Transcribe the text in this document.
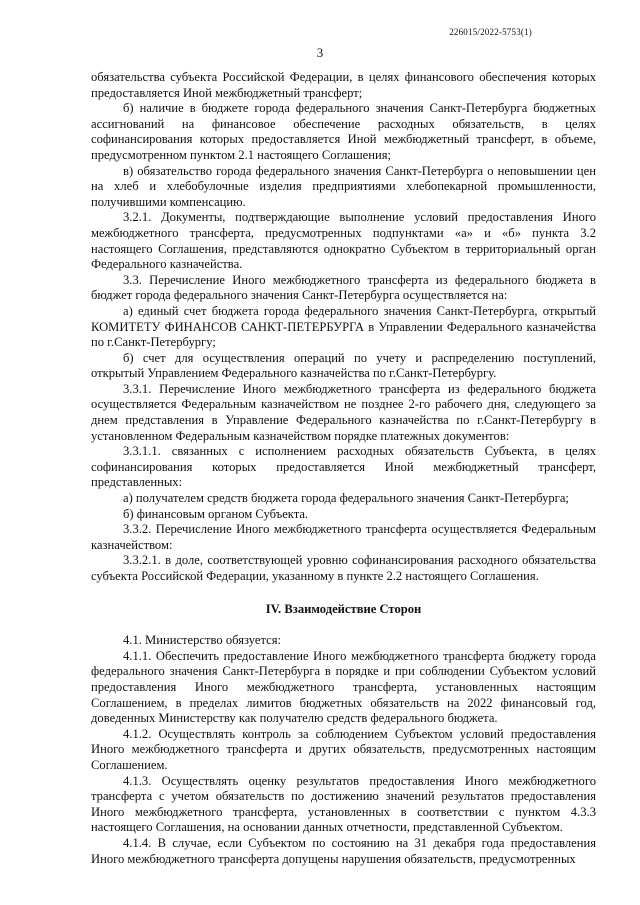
226015/2022-5753(1)
3

обязательства субъекта Российской Федерации, в целях финансового обеспечения которых предоставляется Иной межбюджетный трансферт;

б) наличие в бюджете города федерального значения Санкт-Петербурга бюджетных ассигнований на финансовое обеспечение расходных обязательств, в целях софинансирования которых предоставляется Иной межбюджетный трансферт, в объеме, предусмотренном пунктом 2.1 настоящего Соглашения;

в) обязательство города федерального значения Санкт-Петербурга о неповышении цен на хлеб и хлебобулочные изделия предприятиями хлебопекарной промышленности, получившими компенсацию.

3.2.1. Документы, подтверждающие выполнение условий предоставления Иного межбюджетного трансферта, предусмотренных подпунктами «а» и «б» пункта 3.2 настоящего Соглашения, представляются однократно Субъектом в территориальный орган Федерального казначейства.

3.3. Перечисление Иного межбюджетного трансферта из федерального бюджета в бюджет города федерального значения Санкт-Петербурга осуществляется на:

а) единый счет бюджета города федерального значения Санкт-Петербурга, открытый КОМИТЕТУ ФИНАНСОВ САНКТ-ПЕТЕРБУРГА в Управлении Федерального казначейства по г.Санкт-Петербургу;

б) счет для осуществления операций по учету и распределению поступлений, открытый Управлением Федерального казначейства по г.Санкт-Петербургу.

3.3.1. Перечисление Иного межбюджетного трансферта из федерального бюджета осуществляется Федеральным казначейством не позднее 2-го рабочего дня, следующего за днем представления в Управление Федерального казначейства по г.Санкт-Петербургу в установленном Федеральным казначейством порядке платежных документов:

3.3.1.1. связанных с исполнением расходных обязательств Субъекта, в целях софинансирования которых предоставляется Иной межбюджетный трансферт, представленных:

а) получателем средств бюджета города федерального значения Санкт-Петербурга;

б) финансовым органом Субъекта.

3.3.2. Перечисление Иного межбюджетного трансферта осуществляется Федеральным казначейством:

3.3.2.1. в доле, соответствующей уровню софинансирования расходного обязательства субъекта Российской Федерации, указанному в пункте 2.2 настоящего Соглашения.

IV. Взаимодействие Сторон

4.1. Министерство обязуется:

4.1.1. Обеспечить предоставление Иного межбюджетного трансферта бюджету города федерального значения Санкт-Петербурга в порядке и при соблюдении Субъектом условий предоставления Иного межбюджетного трансферта, установленных настоящим Соглашением, в пределах лимитов бюджетных обязательств на 2022 финансовый год, доведенных Министерству как получателю средств федерального бюджета.

4.1.2. Осуществлять контроль за соблюдением Субъектом условий предоставления Иного межбюджетного трансферта и других обязательств, предусмотренных настоящим Соглашением.

4.1.3. Осуществлять оценку результатов предоставления Иного межбюджетного трансферта с учетом обязательств по достижению значений результатов предоставления Иного межбюджетного трансферта, установленных в соответствии с пунктом 4.3.3 настоящего Соглашения, на основании данных отчетности, представленной Субъектом.

4.1.4. В случае, если Субъектом по состоянию на 31 декабря года предоставления Иного межбюджетного трансферта допущены нарушения обязательств, предусмотренных
